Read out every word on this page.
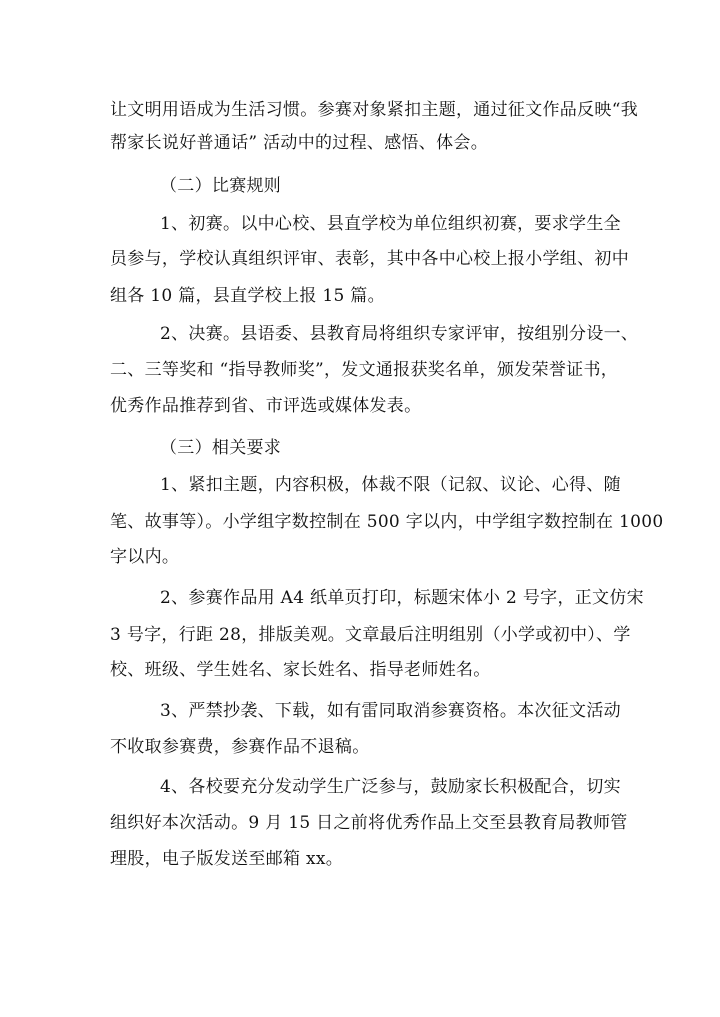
让文明用语成为生活习惯。参赛对象紧扣主题，通过征文作品反映“我
帮家长说好普通话” 活动中的过程、感悟、体会。
（二）比赛规则
1、初赛。以中心校、县直学校为单位组织初赛，要求学生全
员参与，学校认真组织评审、表彰，其中各中心校上报小学组、初中
组各 10 篇，县直学校上报 15 篇。
2、决赛。县语委、县教育局将组织专家评审，按组别分设一、
二、三等奖和 “指导教师奖”，发文通报获奖名单，颁发荣誉证书，
优秀作品推荐到省、市评选或媒体发表。
（三）相关要求
1、紧扣主题，内容积极，体裁不限（记叙、议论、心得、随
笔、故事等）。小学组字数控制在 500 字以内，中学组字数控制在 1000
字以内。
2、参赛作品用 A4 纸单页打印，标题宋体小 2 号字，正文仿宋
3 号字，行距 28，排版美观。文章最后注明组别（小学或初中）、学
校、班级、学生姓名、家长姓名、指导老师姓名。
3、严禁抄袭、下载，如有雷同取消参赛资格。本次征文活动
不收取参赛费，参赛作品不退稿。
4、各校要充分发动学生广泛参与，鼓励家长积极配合，切实
组织好本次活动。9 月 15 日之前将优秀作品上交至县教育局教师管
理股，电子版发送至邮箱 xx。
